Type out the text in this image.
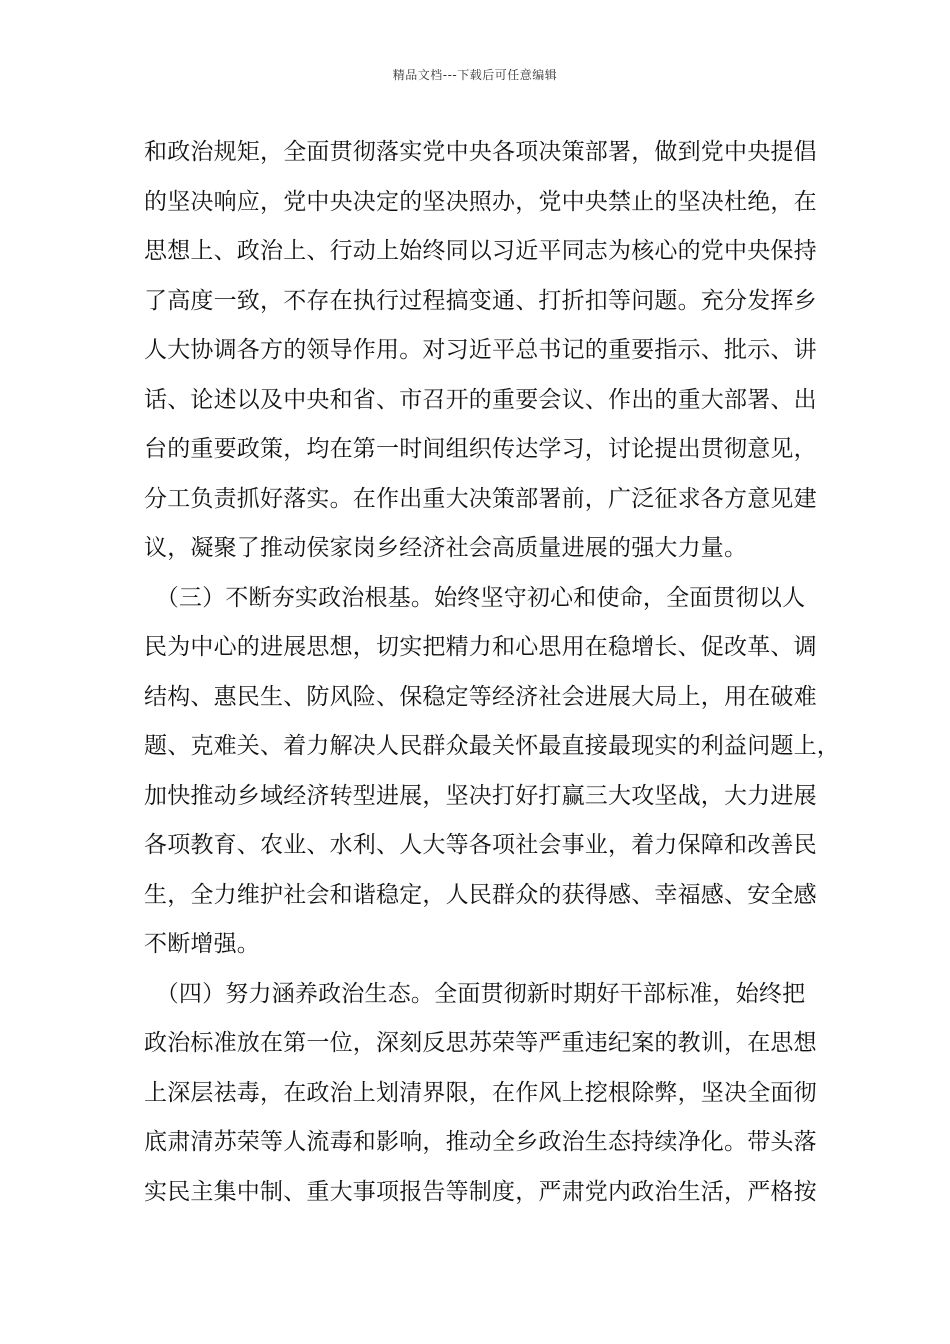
精品文档---下载后可任意编辑
和政治规矩，全面贯彻落实党中央各项决策部署，做到党中央提倡
的坚决响应，党中央决定的坚决照办，党中央禁止的坚决杜绝，在
思想上、政治上、行动上始终同以习近平同志为核心的党中央保持
了高度一致，不存在执行过程搞变通、打折扣等问题。充分发挥乡
人大协调各方的领导作用。对习近平总书记的重要指示、批示、讲
话、论述以及中央和省、市召开的重要会议、作出的重大部署、出
台的重要政策，均在第一时间组织传达学习，讨论提出贯彻意见，
分工负责抓好落实。在作出重大决策部署前，广泛征求各方意见建
议，凝聚了推动侯家岗乡经济社会高质量进展的强大力量。
　（三）不断夯实政治根基。始终坚守初心和使命，全面贯彻以人
民为中心的进展思想，切实把精力和心思用在稳增长、促改革、调
结构、惠民生、防风险、保稳定等经济社会进展大局上，用在破难
题、克难关、着力解决人民群众最关怀最直接最现实的利益问题上，
加快推动乡域经济转型进展，坚决打好打赢三大攻坚战，大力进展
各项教育、农业、水利、人大等各项社会事业，着力保障和改善民
生，全力维护社会和谐稳定，人民群众的获得感、幸福感、安全感
不断增强。
　（四）努力涵养政治生态。全面贯彻新时期好干部标准，始终把
政治标准放在第一位，深刻反思苏荣等严重违纪案的教训，在思想
上深层祛毒，在政治上划清界限，在作风上挖根除弊，坚决全面彻
底肃清苏荣等人流毒和影响，推动全乡政治生态持续净化。带头落
实民主集中制、重大事项报告等制度，严肃党内政治生活，严格按
